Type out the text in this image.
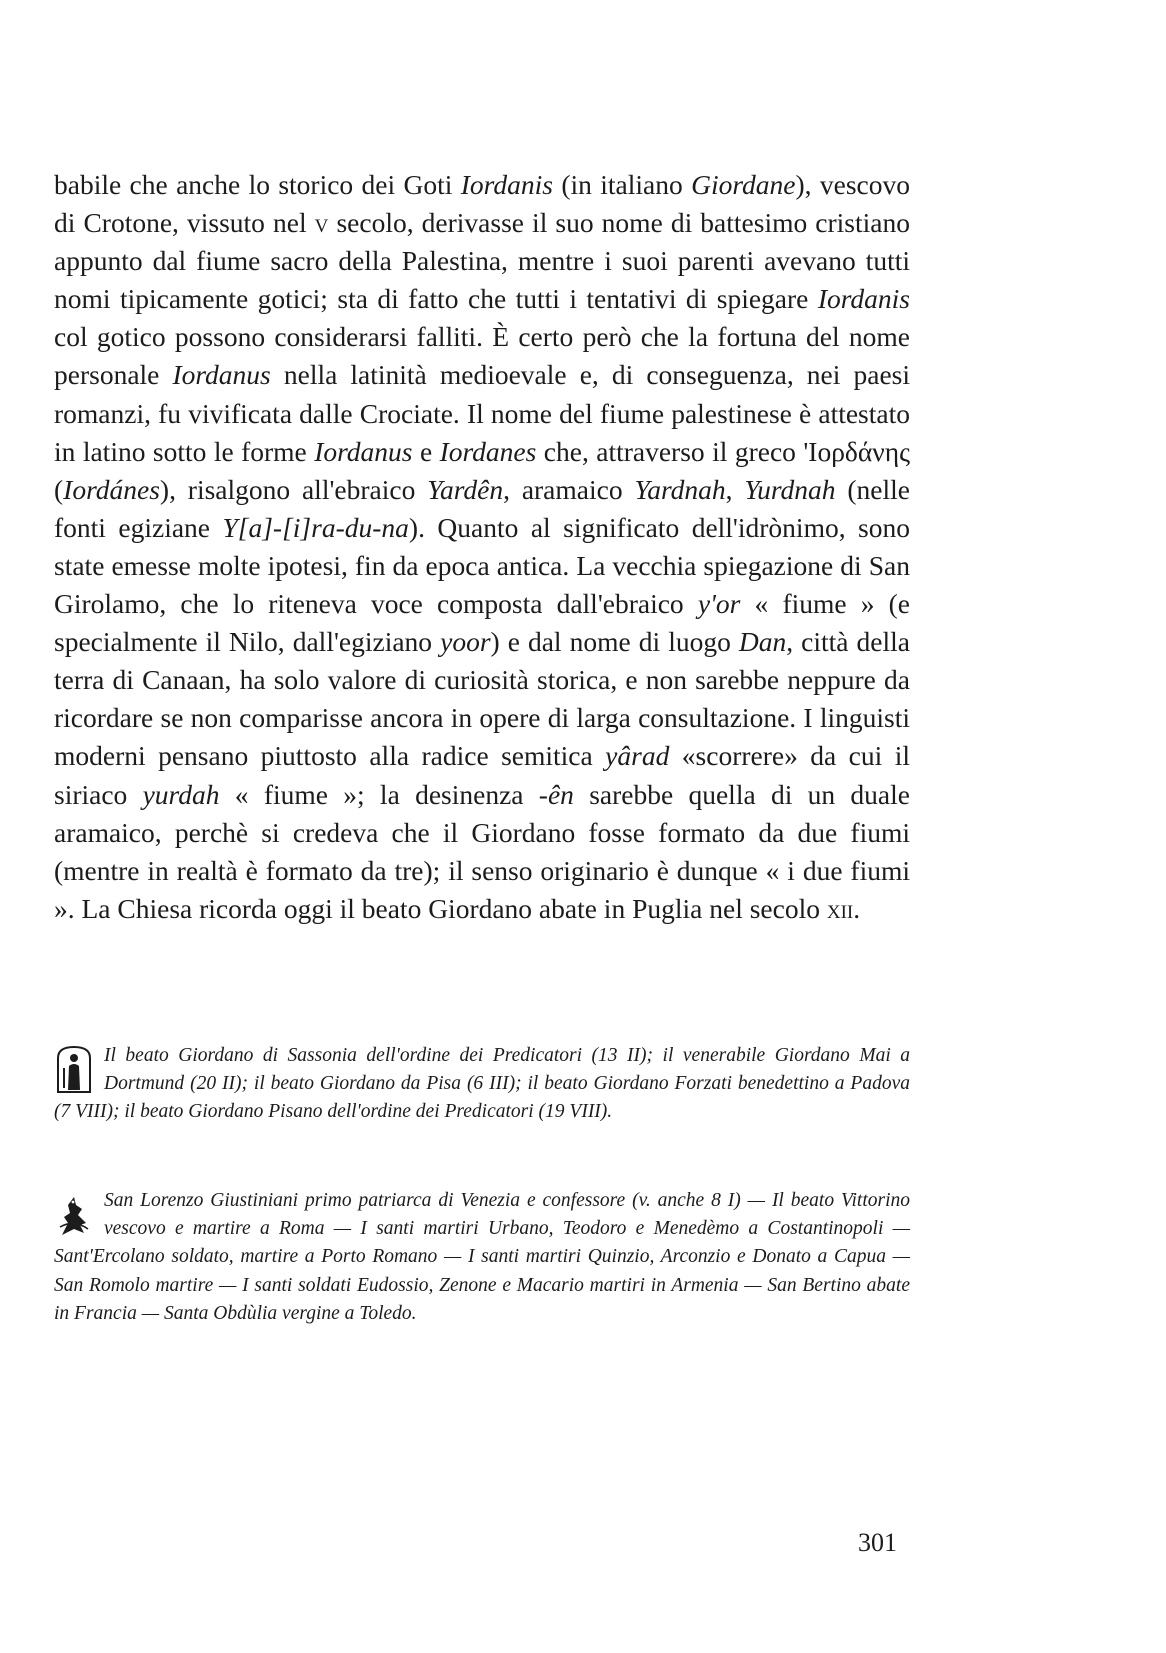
babile che anche lo storico dei Goti Iordanis (in italiano Giordane), vescovo di Crotone, vissuto nel v secolo, derivasse il suo nome di battesimo cristiano appunto dal fiume sacro della Palestina, mentre i suoi parenti avevano tutti nomi tipicamente gotici; sta di fatto che tutti i tentativi di spiegare Iordanis col gotico possono considerarsi falliti. È certo però che la fortuna del nome personale Iordanus nella latinità medioevale e, di conseguenza, nei paesi romanzi, fu vivificata dalle Crociate. Il nome del fiume palestinese è attestato in latino sotto le forme Iordanus e Iordanes che, attraverso il greco 'Ιορδάνης (Iordánes), risalgono all'ebraico Yardên, aramaico Yardnah, Yurdnah (nelle fonti egiziane Y[a]-[i]ra-du-na). Quanto al significato dell'idrònimo, sono state emesse molte ipotesi, fin da epoca antica. La vecchia spiegazione di San Girolamo, che lo riteneva voce composta dall'ebraico y'or « fiume » (e specialmente il Nilo, dall'egiziano yoor) e dal nome di luogo Dan, città della terra di Canaan, ha solo valore di curiosità storica, e non sarebbe neppure da ricordare se non comparisse ancora in opere di larga consultazione. I linguisti moderni pensano piuttosto alla radice semitica yârad «scorrere» da cui il siriaco yurdah « fiume »; la desinenza -ên sarebbe quella di un duale aramaico, perchè si credeva che il Giordano fosse formato da due fiumi (mentre in realtà è formato da tre); il senso originario è dunque « i due fiumi ». La Chiesa ricorda oggi il beato Giordano abate in Puglia nel secolo xii.

Il beato Giordano di Sassonia dell'ordine dei Predicatori (13 II); il venerabile Giordano Mai a Dortmund (20 II); il beato Giordano da Pisa (6 III); il beato Giordano Forzati benedettino a Padova (7 VIII); il beato Giordano Pisano dell'ordine dei Predicatori (19 VIII).
San Lorenzo Giustiniani primo patriarca di Venezia e confessore (v. anche 8 I) — Il beato Vittorino vescovo e martire a Roma — I santi martiri Urbano, Teodoro e Menedèmo a Costantinopoli — Sant'Ercolano soldato, martire a Porto Romano — I santi martiri Quinzio, Arconzio e Donato a Capua — San Romolo martire — I santi soldati Eudossio, Zenone e Macario martiri in Armenia — San Bertino abate in Francia — Santa Obdùlia vergine a Toledo.
301
